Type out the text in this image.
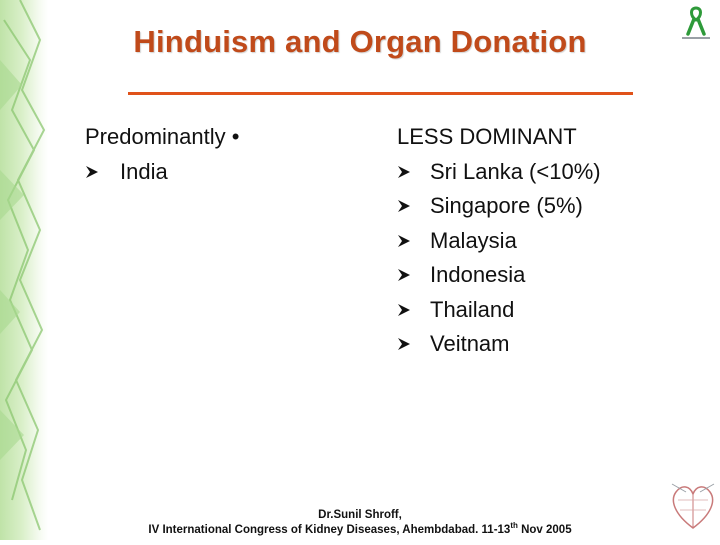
Hinduism and Organ Donation
Predominantly •
India
LESS DOMINANT
Sri Lanka (<10%)
Singapore (5%)
Malaysia
Indonesia
Thailand
Veitnam
Dr.Sunil Shroff,
IV International Congress of Kidney Diseases, Ahembdabad. 11-13th Nov 2005
